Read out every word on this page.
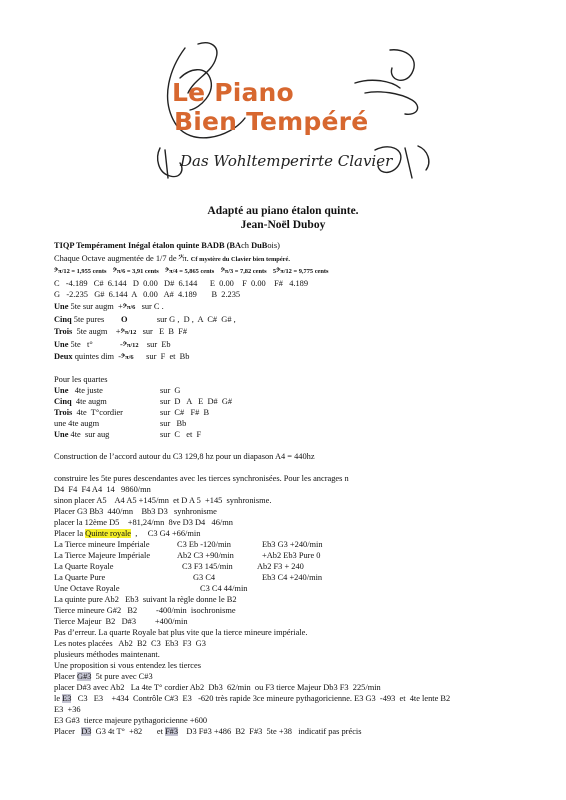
Das Wohltemperirte Clavier
Le Piano
Bien Tempéré
Adapté au piano étalon quinte.
Jean-Noël Duboy
TIQP Tempérament Inégal étalon quinte BADB (BAch DuBois)
Chaque Octave augmentée de 1/7 de𝄢π. Cf mystère du Clavier bien tempéré.
𝄢π/12 = 1,955 cents 𝄢π/6 = 3,91 cents 𝄢π/4 = 5,865 cents 𝄢π/3 = 7,82 cents 5𝄢π/12 = 9,775 cents
C   -4.189   C#  6.144   D  0.00   D#  6.144      E  0.00    F  0.00    F#   4.189
G   -2.235   G#  6.144  A   0.00   A#  4.189       B  2.235
Une 5te sur augm  +𝄢π/6   sur C .
Cinq 5te pures        O              sur G ,  D ,  A  C#  G# ,
Trois  5te augm    +𝄢π/12   sur   E  B  F#
Une 5te   t°             -𝄢π/12    sur  Eb
Deux quintes dim  -𝄢π/6      sur  F  et  Bb
Pour les quartes
Une   4te juste	sur  G
Cinq  4te augm	sur  D   A   E  D#  G#
Trois  4te  T°cordier	sur  C#   F#  B
une 4te augm	sur   Bb
Une 4te  sur aug	sur  C   et  F
Construction de l’accord autour du C3 129,8 hz pour un diapason A4 = 440hz
construire les 5te pures descendantes avec les tierces synchronisées. Pour les ancrages n
D4  F4  F4 A4  14   9860/mn
sinon placer A5    A4 A5 +145/mn  et D A 5  +145  synhronisme.
Placer G3 Bb3  440/mn    Bb3 D3   synhronisme
placer la 12ème D5    +81,24/mn  8ve D3 D4   46/mn
Placer la Quinte royale  ,     C3 G4 +66/min
La Tierce mineure Impériale	C3 Eb -120/min	Eb3 G3 +240/min
La Tierce Majeure Impériale	Ab2 C3 +90/min	+Ab2 Eb3 Pure 0
La Quarte Royale	C3 F3 145/min	Ab2 F3 + 240
La Quarte Pure	G3 C4	Eb3 C4 +240/min
Une Octave Royale	C3 C4 44/min
La quinte pure Ab2   Eb3  suivant la règle donne le B2
Tierce mineure G#2   B2         -400/min  isochronisme
Tierce Majeur  B2   D#3         +400/min
Pas d’erreur. La quarte Royale bat plus vite que la tierce mineure impériale.
Les notes placées   Ab2  B2  C3  Eb3  F3  G3
plusieurs méthodes maintenant.
Une proposition si vous entendez les tierces
Placer G#3  5t pure avec C#3
placer D#3 avec Ab2   La 4te T° cordier Ab2  Db3  62/min  ou F3 tierce Majeur Db3 F3  225/min
le E3   C3   E3    +434  Contrôle C#3  E3   -620 très rapide 3ce mineure pythagoricienne. E3 G3  -493  et  4te lente B2
E3  +36
E3 G#3  tierce majeure pythagoricienne +600
Placer   D3  G3 4t T°  +82       et F#3    D3 F#3 +486  B2  F#3  5te +38   indicatif pas précis
